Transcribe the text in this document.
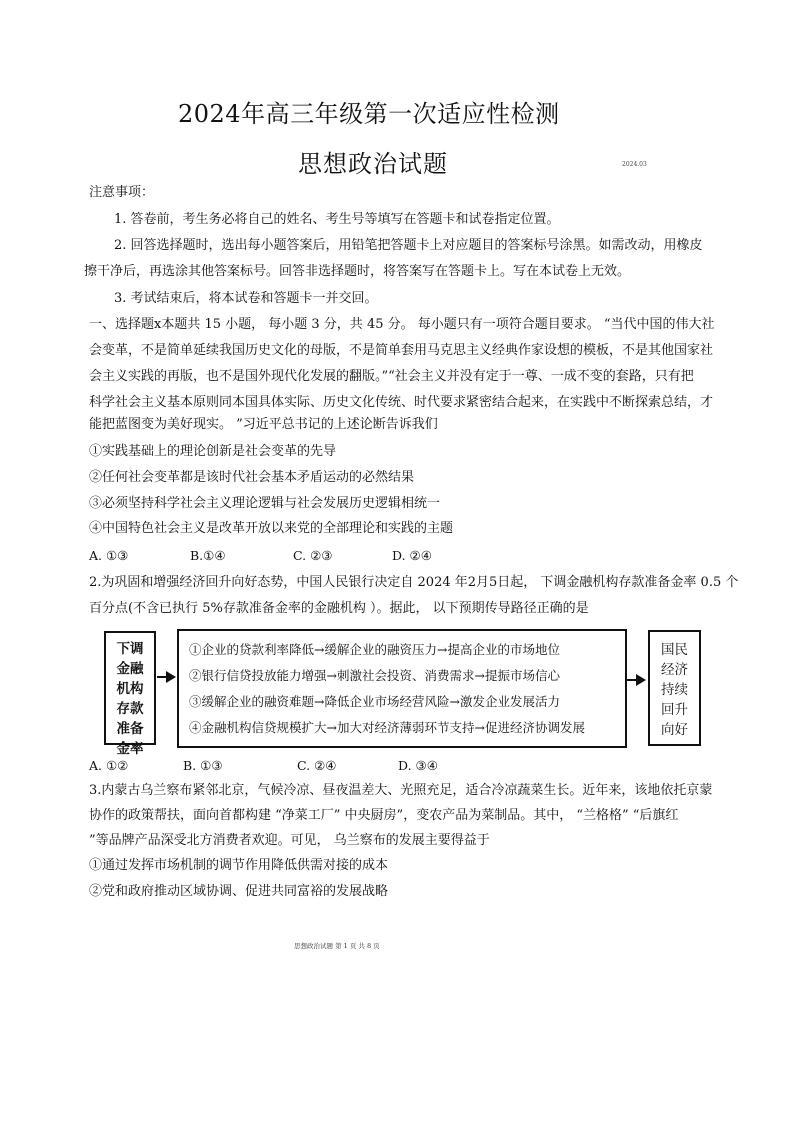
2024年高三年级第一次适应性检测
思想政治试题	2024.03
注意事项：
1. 答卷前，考生务必将自己的姓名、考生号等填写在答题卡和试卷指定位置。
2. 回答选择题时，选出每小题答案后，用铅笔把答题卡上对应题目的答案标号涂黑。如需改动，用橡皮
擦干净后，再选涂其他答案标号。回答非选择题时，将答案写在答题卡上。写在本试卷上无效。
3. 考试结束后，将本试卷和答题卡一并交回。
一、选择题x本题共 15 小题， 每小题 3 分，共 45 分。 每小题只有一项符合题目要求。 “当代中国的伟大社
会变革，不是简单延续我国历史文化的母版，不是简单套用马克思主义经典作家设想的模板，不是其他国家社
会主义实践的再版，也不是国外现代化发展的翻版。”“社会主义并没有定于一尊、一成不变的套路，只有把
科学社会主义基本原则同本国具体实际、历史文化传统、时代要求紧密结合起来，在实践中不断探索总结，才
能把蓝图变为美好现实。 ”习近平总书记的上述论断告诉我们
①实践基础上的理论创新是社会变革的先导
②任何社会变革都是该时代社会基本矛盾运动的必然结果
③必须坚持科学社会主义理论逻辑与社会发展历史逻辑相统一
④中国特色社会主义是改革开放以来党的全部理论和实践的主题
A. ①③	B.①④	C. ②③	D. ②④
2.为巩固和增强经济回升向好态势，中国人民银行决定自 2024 年2月5日起， 下调金融机构存款准备金率 0.5 个
百分点(不含已执行 5%存款准备金率的金融机构 ）。据此， 以下预期传导路径正确的是
下调
金融
机构
存款
准备
金率
①企业的贷款利率降低→缓解企业的融资压力→提高企业的市场地位
②银行信贷投放能力增强→刺激社会投资、消费需求→提振市场信心
③缓解企业的融资难题→降低企业市场经营风险→激发企业发展活力
④金融机构信贷规模扩大→加大对经济薄弱环节支持→促进经济协调发展
国民
经济
持续
回升
向好
A. ①②	B. ①③	C. ②④	D. ③④
3.内蒙古乌兰察布紧邻北京，气候冷凉、昼夜温差大、光照充足，适合冷凉蔬菜生长。近年来，该地依托京蒙
协作的政策帮扶，面向首都构建 “净菜工厂” 中央厨房”，变农产品为菜制品。其中， “兰格格” “后旗红
”等品牌产品深受北方消费者欢迎。可见， 乌兰察布的发展主要得益于
①通过发挥市场机制的调节作用降低供需对接的成本
②党和政府推动区域协调、促进共同富裕的发展战略
思想政治试题 第 1 页 共 8 页
